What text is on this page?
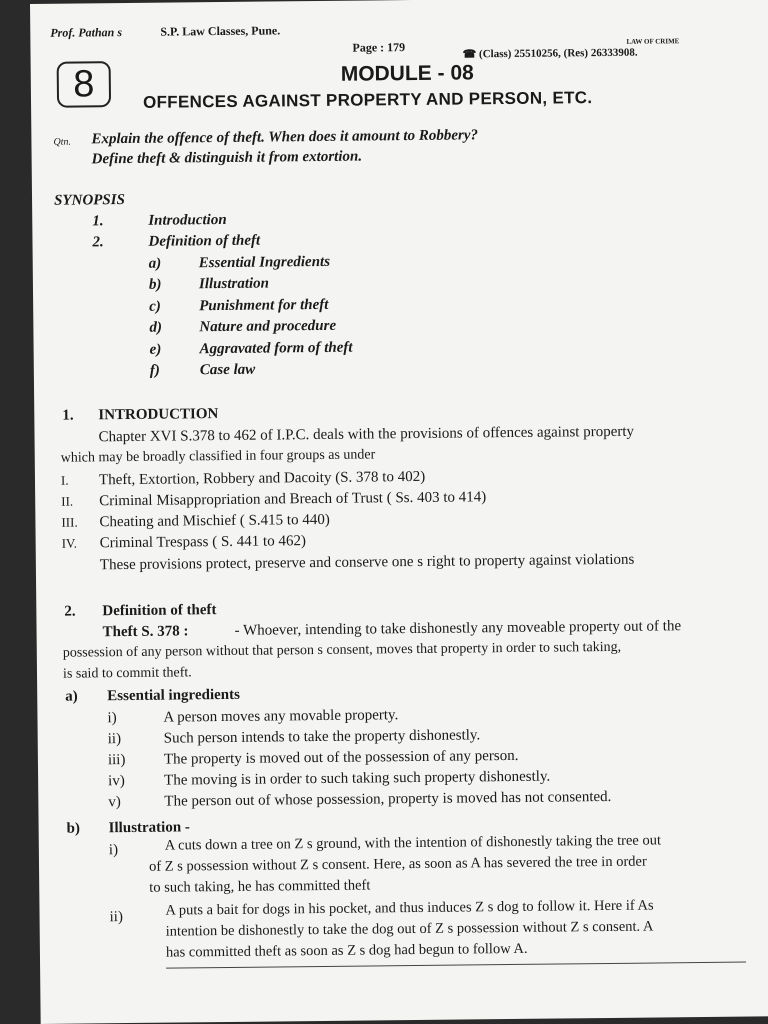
Prof. Pathan s	S.P. Law Classes, Pune.
Page : 179	☎ (Class) 25510256, (Res) 26333908.
LAW OF CRIME
8	MODULE - 08
OFFENCES AGAINST PROPERTY AND PERSON, ETC.
Qtn. Explain the offence of theft. When does it amount to Robbery?
Define theft & distinguish it from extortion.
SYNOPSIS
1.	Introduction
2.	Definition of theft
a) Essential Ingredients
b) Illustration
c)	Punishment for theft
d) Nature and procedure
e)	Aggravated form of theft
f)	Case law
1. INTRODUCTION
Chapter XVI S.378 to 462 of I.P.C. deals with the provisions of offences against property
which may be broadly classified in four groups as under
I. Theft, Extortion, Robbery and Dacoity (S. 378 to 402)
II. Criminal Misappropriation and Breach of Trust ( Ss. 403 to 414)
III. Cheating and Mischief ( S.415 to 440)
IV. Criminal Trespass ( S. 441 to 462)
These provisions protect, preserve and conserve one s right to property against violations
2. Definition of theft
Theft S. 378 :	- Whoever, intending to take dishonestly any moveable property out of the
possession of any person without that person s consent, moves that property in order to such taking,
is said to commit theft.
a) Essential ingredients
i)	A person moves any movable property.
ii)	Such person intends to take the property dishonestly.
iii)	The property is moved out of the possession of any person.
iv)	The moving is in order to such taking such property dishonestly.
v)	The person out of whose possession, property is moved has not consented.
b) Illustration -
i)	A cuts down a tree on Z s ground, with the intention of dishonestly taking the tree out
of Z s possession without Z s consent. Here, as soon as A has severed the tree in order
to such taking, he has committed theft
ii)	A puts a bait for dogs in his pocket, and thus induces Z s dog to follow it. Here if As
intention be dishonestly to take the dog out of Z s possession without Z s consent. A
has committed theft as soon as Z s dog had begun to follow A.
